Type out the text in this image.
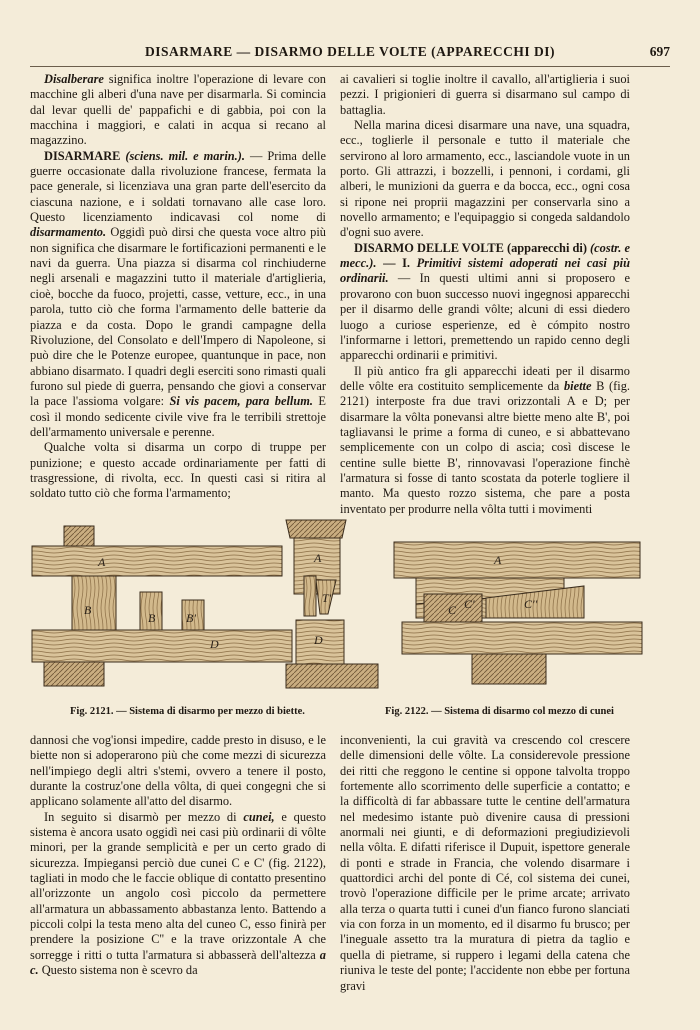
DISARMARE — DISARMO DELLE VOLTE (APPARECCHI DI)	697

Disalberare significa inoltre l'operazione di levare con macchine gli alberi d'una nave per disarmarla. Si comincia dal levar quelli de' pappafichi e di gabbia, poi con la macchina i maggiori, e calati in acqua si recano al magazzino.

DISARMARE (sciens. mil. e marin.). — Prima delle guerre occasionate dalla rivoluzione francese, fermata la pace generale, si licenziava una gran parte dell'esercito da ciascuna nazione, e i soldati tornavano alle case loro. Questo licenziamento indicavasi col nome di disarmamento. Oggidì può dirsi che questa voce altro più non significa che disarmare le fortificazioni permanenti e le navi da guerra. Una piazza si disarma col rinchiuderne negli arsenali e magazzini tutto il materiale d'artiglieria, cioè, bocche da fuoco, projetti, casse, vetture, ecc., in una parola, tutto ciò che forma l'armamento delle batterie da piazza e da costa. Dopo le grandi campagne della Rivoluzione, del Consolato e dell'Impero di Napoleone, si può dire che le Potenze europee, quantunque in pace, non abbiano disarmato. I quadri degli eserciti sono rimasti quali furono sul piede di guerra, pensando che giovi a conservar la pace l'assioma volgare: Si vis pacem, para bellum. E così il mondo sedicente civile vive fra le terribili strettoje dell'armamento universale e perenne.

Qualche volta si disarma un corpo di truppe per punizione; e questo accade ordinariamente per fatti di trasgressione, di rivolta, ecc. In questi casi si ritira al soldato tutto ciò che forma l'armamento;

ai cavalieri si toglie inoltre il cavallo, all'artiglieria i suoi pezzi. I prigionieri di guerra si disarmano sul campo di battaglia.

Nella marina dicesi disarmare una nave, una squadra, ecc., toglierle il personale e tutto il materiale che servirono al loro armamento, ecc., lasciandole vuote in un porto. Gli attrazzi, i bozzelli, i pennoni, i cordami, gli alberi, le munizioni da guerra e da bocca, ecc., ogni cosa si ripone nei proprii magazzini per conservarla sino a novello armamento; e l'equipaggio si congeda saldandolo d'ogni suo avere.

DISARMO DELLE VOLTE (apparecchi di) (costr. e mecc.). — I. Primitivi sistemi adoperati nei casi più ordinarii. — In questi ultimi anni si proposero e provarono con buon successo nuovi ingegnosi apparecchi per il disarmo delle grandi vôlte; alcuni di essi diedero luogo a curiose esperienze, ed è cómpito nostro l'informarne i lettori, premettendo un rapido cenno degli apparecchi ordinarii e primitivi.

Il più antico fra gli apparecchi ideati per il disarmo delle vôlte era costituito semplicemente da biette B (fig. 2121) interposte fra due travi orizzontali A e D; per disarmare la vôlta ponevansi altre biette meno alte B', poi tagliavansi le prime a forma di cuneo, e si abbattevano semplicemente con un colpo di ascia; così discese le centine sulle biette B', rinnovavasi l'operazione finchè l'armatura si fosse di tanto scostata da poterle togliere il manto. Ma questo rozzo sistema, che pare a posta inventato per produrre nella vôlta tutti i movimenti

A
B
B	B'
D
A
T'
D
A
C C'	C''
Fig. 2121. — Sistema di disarmo per mezzo di biette.	Fig. 2122. — Sistema di disarmo col mezzo di cunei

dannosi che vog'ionsi impedire, cadde presto in disuso, e le biette non si adoperarono più che come mezzi di sicurezza nell'impiego degli altri s'stemi, ovvero a tenere il posto, durante la costruz'one della vôlta, di quei congegni che si applicano solamente all'atto del disarmo.

In seguito si disarmò per mezzo di cunei, e questo sistema è ancora usato oggidì nei casi più ordinarii di vôlte minori, per la grande semplicità e per un certo grado di sicurezza. Impiegansi perciò due cunei C e C' (fig. 2122), tagliati in modo che le faccie oblique di contatto presentino all'orizzonte un angolo così piccolo da permettere all'armatura un abbassamento abbastanza lento. Battendo a piccoli colpi la testa meno alta del cuneo C, esso finirà per prendere la posizione C'' e la trave orizzontale A che sorregge i ritti o tutta l'armatura si abbasserà dell'altezza a c. Questo sistema non è scevro da

inconvenienti, la cui gravità va crescendo col crescere delle dimensioni delle vôlte. La considerevole pressione dei ritti che reggono le centine si oppone talvolta troppo fortemente allo scorrimento delle superficie a contatto; e la difficoltà di far abbassare tutte le centine dell'armatura nel medesimo istante può divenire causa di pressioni anormali nei giunti, e di deformazioni pregiudizievoli nella vôlta. E difatti riferisce il Dupuit, ispettore generale di ponti e strade in Francia, che volendo disarmare i quattordici archi del ponte di Cé, col sistema dei cunei, trovò l'operazione difficile per le prime arcate; arrivato alla terza o quarta tutti i cunei d'un fianco furono slanciati via con forza in un momento, ed il disarmo fu brusco; per l'ineguale assetto tra la muratura di pietra da taglio e quella di pietrame, si ruppero i legami della catena che riuniva le teste del ponte; l'accidente non ebbe per fortuna gravi
